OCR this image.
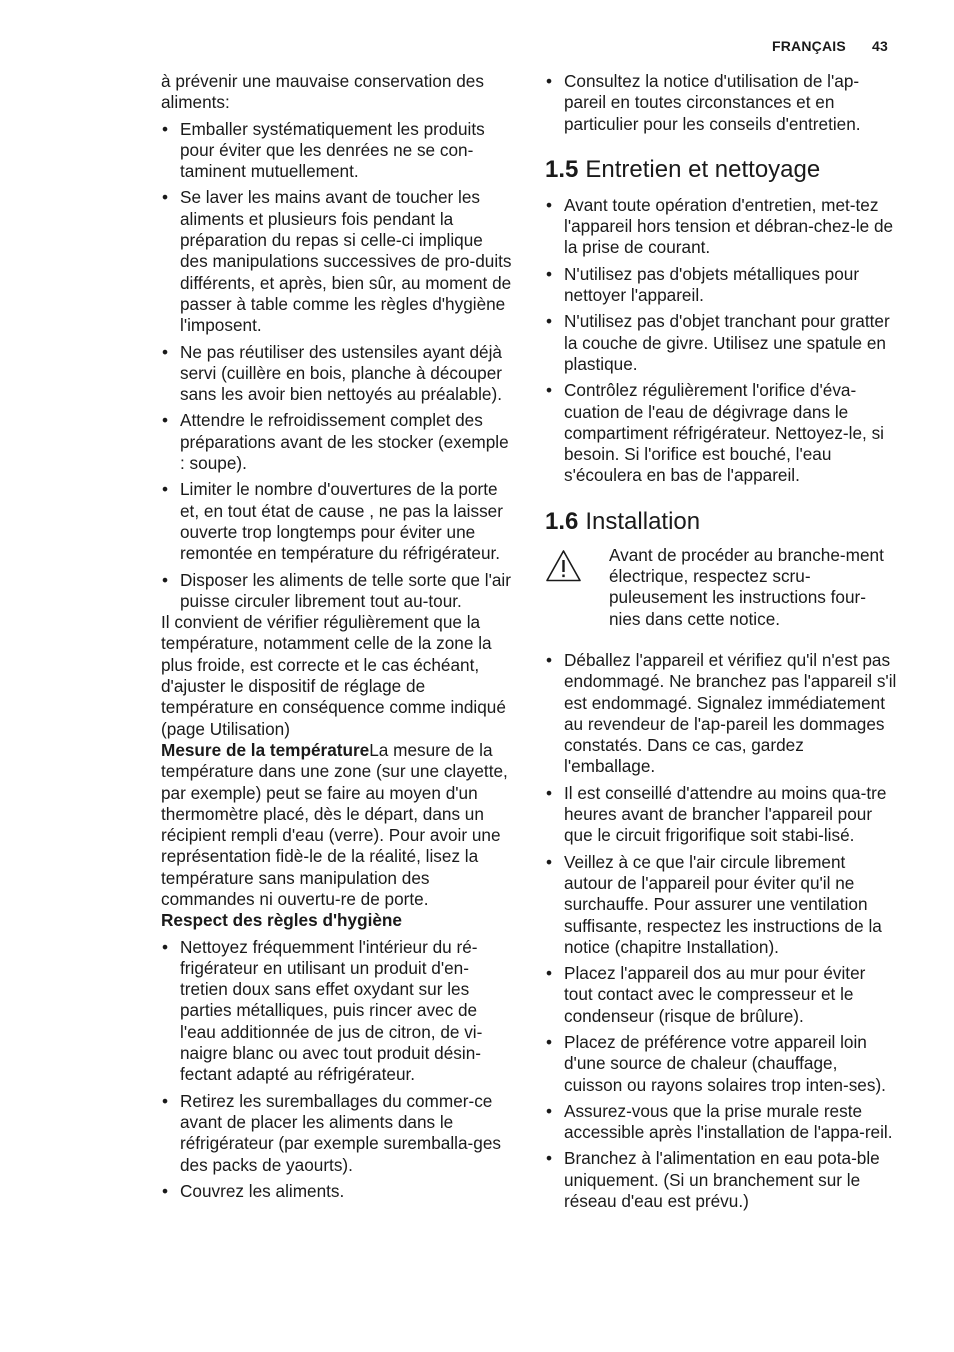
FRANÇAIS 43

à prévenir une mauvaise conservation des aliments:

• Emballer systématiquement les produits pour éviter que les denrées ne se con-taminent mutuellement.
• Se laver les mains avant de toucher les aliments et plusieurs fois pendant la préparation du repas si celle-ci implique des manipulations successives de pro-duits différents, et après, bien sûr, au moment de passer à table comme les règles d'hygiène l'imposent.
• Ne pas réutiliser des ustensiles ayant déjà servi (cuillère en bois, planche à découper sans les avoir bien nettoyés au préalable).
• Attendre le refroidissement complet des préparations avant de les stocker (exemple : soupe).
• Limiter le nombre d'ouvertures de la porte et, en tout état de cause , ne pas la laisser ouverte trop longtemps pour éviter une remontée en température du réfrigérateur.
• Disposer les aliments de telle sorte que l'air puisse circuler librement tout au-tour.

Il convient de vérifier régulièrement que la température, notamment celle de la zone la plus froide, est correcte et le cas échéant, d'ajuster le dispositif de réglage de température en conséquence comme indiqué (page Utilisation)

Mesure de la températureLa mesure de la température dans une zone (sur une clayette, par exemple) peut se faire au moyen d'un thermomètre placé, dès le départ, dans un récipient rempli d'eau (verre). Pour avoir une représentation fidè-le de la réalité, lisez la température sans manipulation des commandes ni ouvertu-re de porte.

Respect des règles d'hygiène

• Nettoyez fréquemment l'intérieur du ré-frigérateur en utilisant un produit d'en-tretien doux sans effet oxydant sur les parties métalliques, puis rincer avec de l'eau additionnée de jus de citron, de vi-naigre blanc ou avec tout produit désin-fectant adapté au réfrigérateur.
• Retirez les suremballages du commer-ce avant de placer les aliments dans le réfrigérateur (par exemple suremballa-ges des packs de yaourts).
• Couvrez les aliments.
• Consultez la notice d'utilisation de l'ap-pareil en toutes circonstances et en particulier pour les conseils d'entretien.
1.5 Entretien et nettoyage
• Avant toute opération d'entretien, met-tez l'appareil hors tension et débran-chez-le de la prise de courant.
• N'utilisez pas d'objets métalliques pour nettoyer l'appareil.
• N'utilisez pas d'objet tranchant pour gratter la couche de givre. Utilisez une spatule en plastique.
• Contrôlez régulièrement l'orifice d'éva-cuation de l'eau de dégivrage dans le compartiment réfrigérateur. Nettoyez-le, si besoin. Si l'orifice est bouché, l'eau s'écoulera en bas de l'appareil.
1.6 Installation

Avant de procéder au branche-ment électrique, respectez scru-puleusement les instructions four-nies dans cette notice.

• Déballez l'appareil et vérifiez qu'il n'est pas endommagé. Ne branchez pas l'appareil s'il est endommagé. Signalez immédiatement au revendeur de l'ap-pareil les dommages constatés. Dans ce cas, gardez l'emballage.
• Il est conseillé d'attendre au moins qua-tre heures avant de brancher l'appareil pour que le circuit frigorifique soit stabi-lisé.
• Veillez à ce que l'air circule librement autour de l'appareil pour éviter qu'il ne surchauffe. Pour assurer une ventilation suffisante, respectez les instructions de la notice (chapitre Installation).
• Placez l'appareil dos au mur pour éviter tout contact avec le compresseur et le condenseur (risque de brûlure).
• Placez de préférence votre appareil loin d'une source de chaleur (chauffage, cuisson ou rayons solaires trop inten-ses).
• Assurez-vous que la prise murale reste accessible après l'installation de l'appa-reil.
• Branchez à l'alimentation en eau pota-ble uniquement. (Si un branchement sur le réseau d'eau est prévu.)
